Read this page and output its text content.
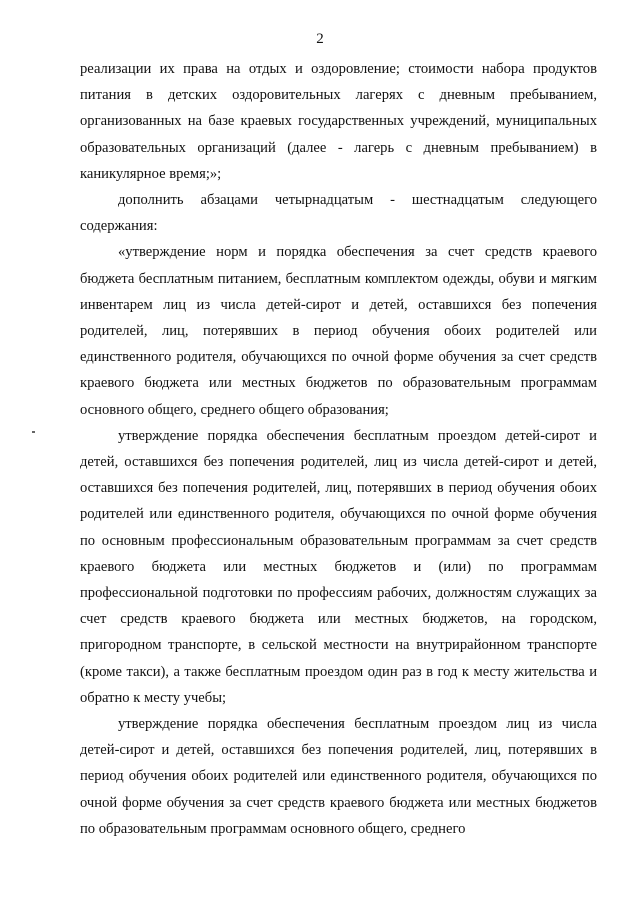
2

реализации их права на отдых и оздоровление; стоимости набора продуктов питания в детских оздоровительных лагерях с дневным пребыванием, организованных на базе краевых государственных учреждений, муниципальных образовательных организаций (далее - лагерь с дневным пребыванием) в каникулярное время;»;

дополнить абзацами четырнадцатым - шестнадцатым следующего содержания:

«утверждение норм и порядка обеспечения за счет средств краевого бюджета бесплатным питанием, бесплатным комплектом одежды, обуви и мягким инвентарем лиц из числа детей-сирот и детей, оставшихся без попечения родителей, лиц, потерявших в период обучения обоих родителей или единственного родителя, обучающихся по очной форме обучения за счет средств краевого бюджета или местных бюджетов по образовательным программам основного общего, среднего общего образования;

утверждение порядка обеспечения бесплатным проездом детей-сирот и детей, оставшихся без попечения родителей, лиц из числа детей-сирот и детей, оставшихся без попечения родителей, лиц, потерявших в период обучения обоих родителей или единственного родителя, обучающихся по очной форме обучения по основным профессиональным образовательным программам за счет средств краевого бюджета или местных бюджетов и (или) по программам профессиональной подготовки по профессиям рабочих, должностям служащих за счет средств краевого бюджета или местных бюджетов, на городском, пригородном транспорте, в сельской местности на внутрирайонном транспорте (кроме такси), а также бесплатным проездом один раз в год к месту жительства и обратно к месту учебы;

утверждение порядка обеспечения бесплатным проездом лиц из числа детей-сирот и детей, оставшихся без попечения родителей, лиц, потерявших в период обучения обоих родителей или единственного родителя, обучающихся по очной форме обучения за счет средств краевого бюджета или местных бюджетов по образовательным программам основного общего, среднего
